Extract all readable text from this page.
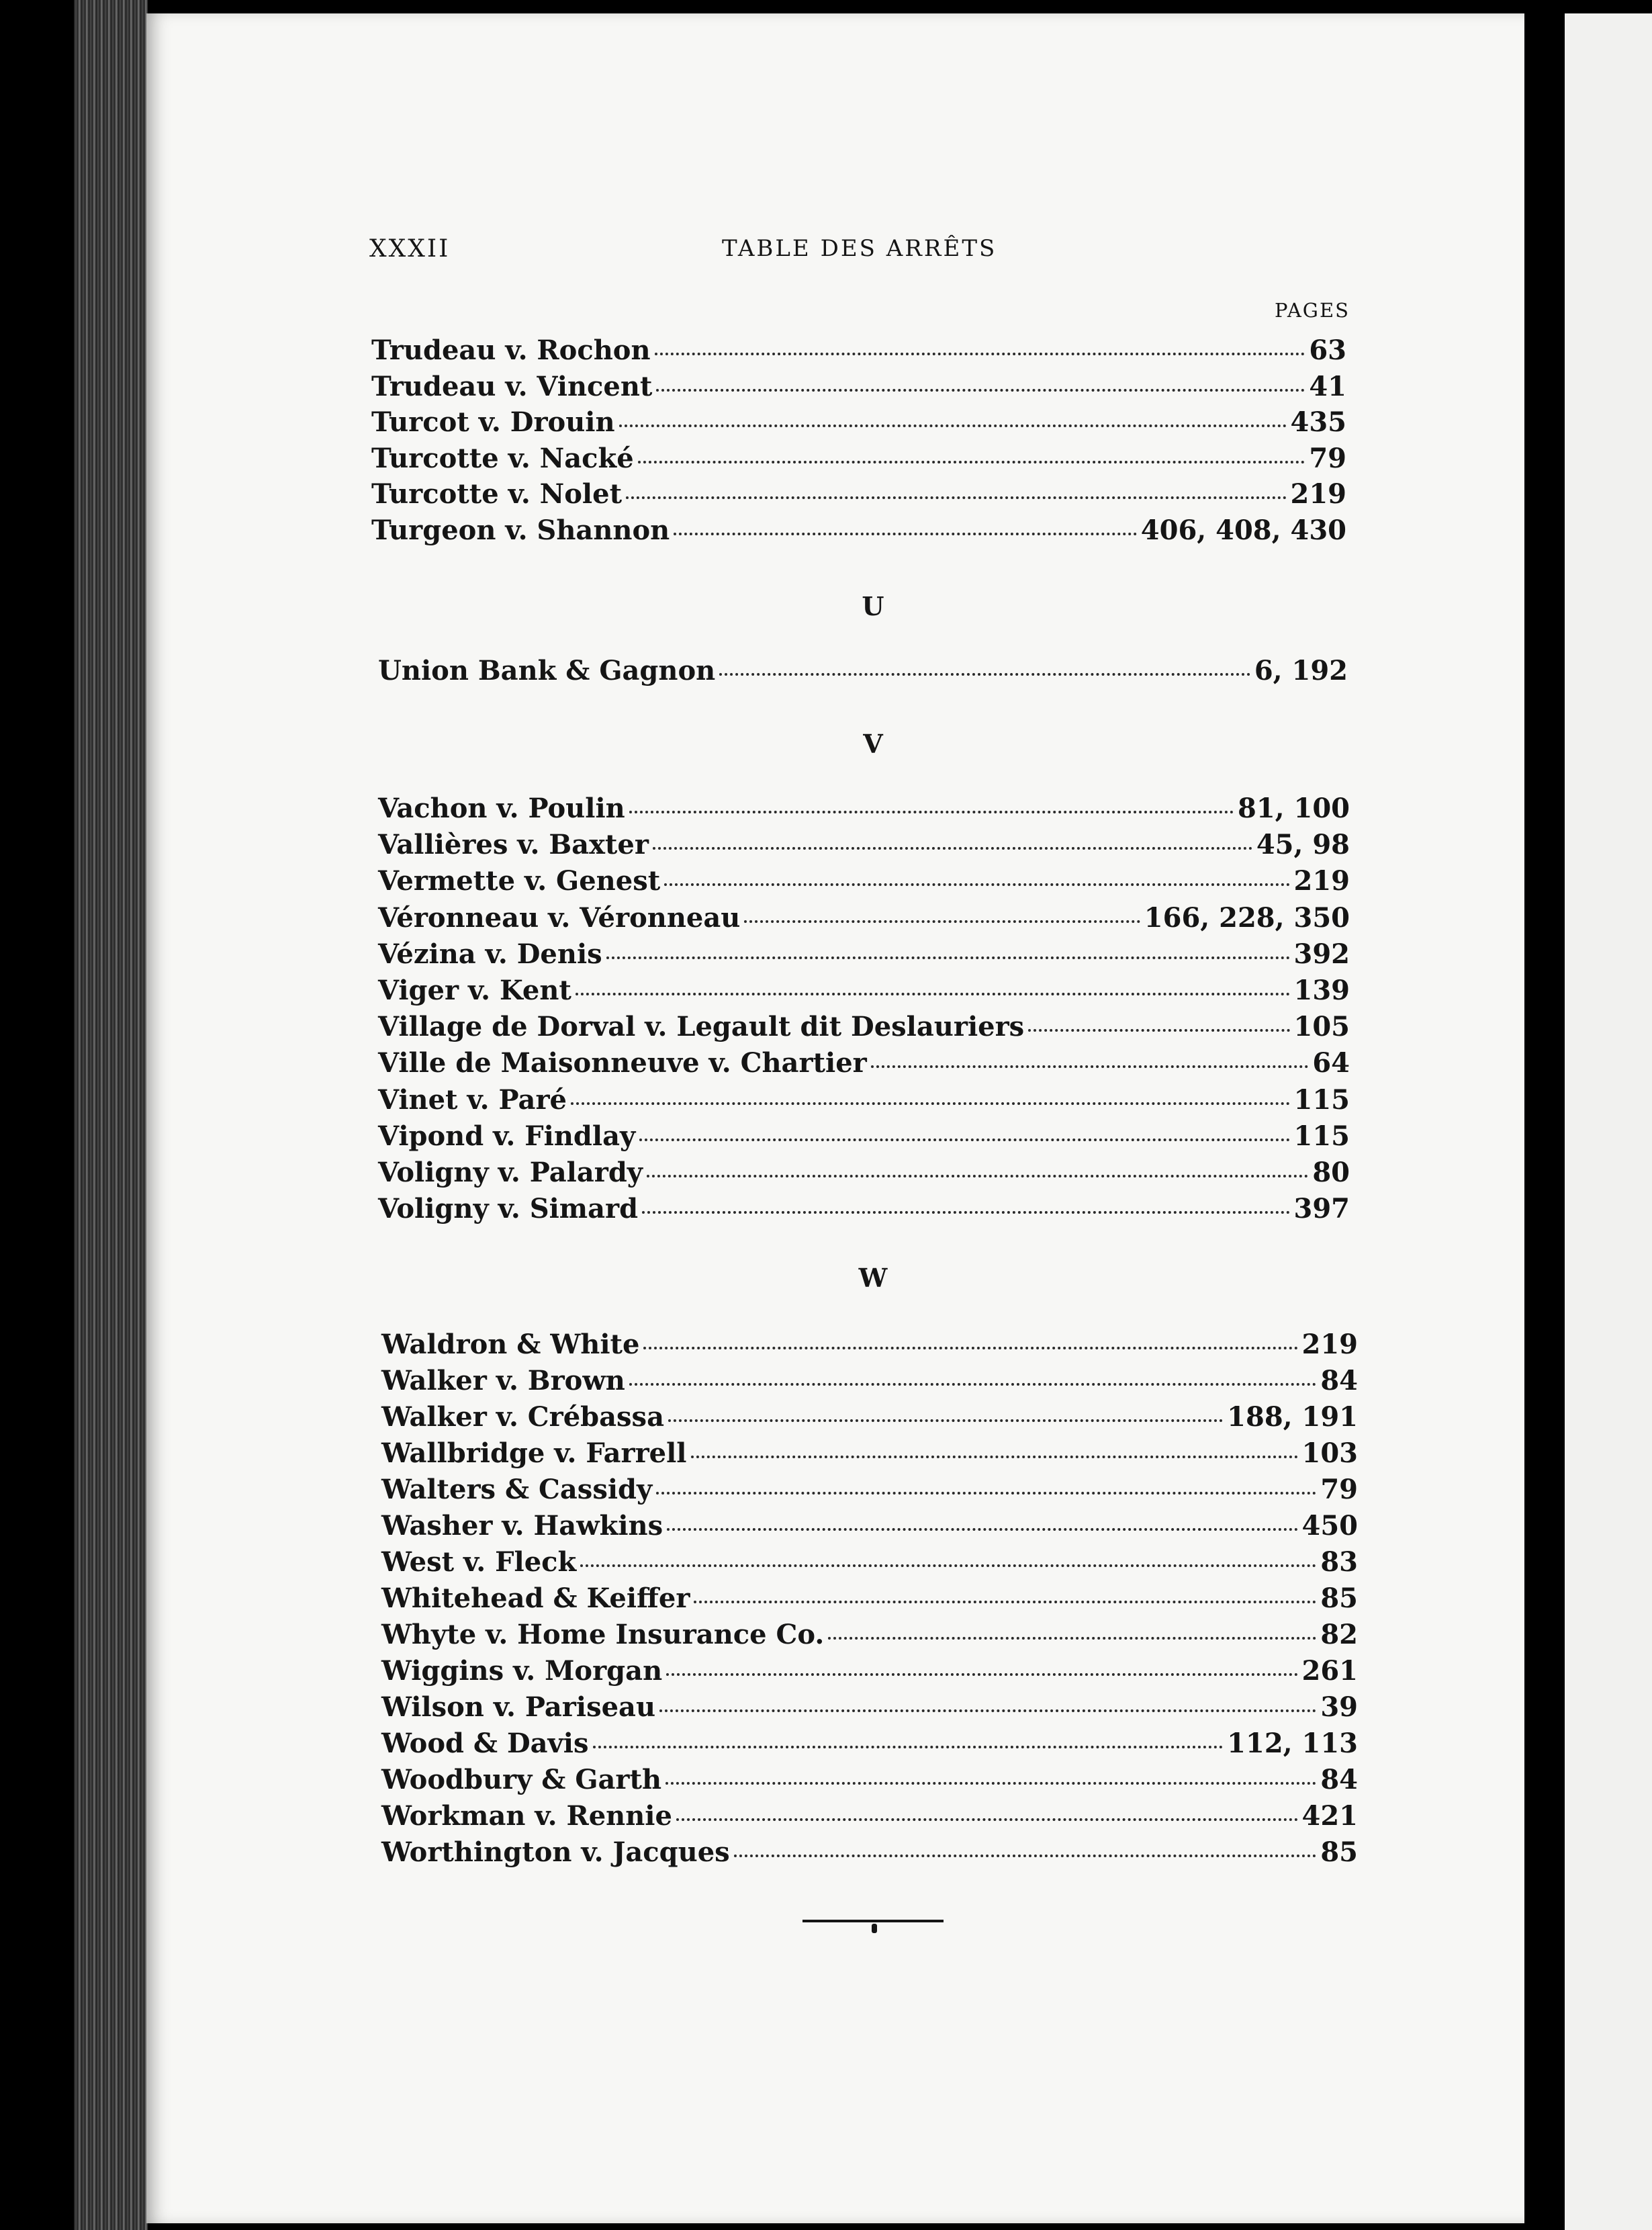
XXXII	TABLE DES ARRÊTS
PAGES
U
V
W
Trudeau v. Rochon	63
Trudeau v. Vincent	41
Turcot v. Drouin	435
Turcotte v. Nacké	79
Turcotte v. Nolet	219
Turgeon v. Shannon	406, 408, 430
Union Bank & Gagnon	6, 192
Vachon v. Poulin	81, 100
Vallières v. Baxter	45, 98
Vermette v. Genest	219
Véronneau v. Véronneau	166, 228, 350
Vézina v. Denis	392
Viger v. Kent	139
Village de Dorval v. Legault dit Deslauriers	105
Ville de Maisonneuve v. Chartier	64
Vinet v. Paré	115
Vipond v. Findlay	115
Voligny v. Palardy	80
Voligny v. Simard	397
Waldron & White	219
Walker v. Brown	84
Walker v. Crébassa	188, 191
Wallbridge v. Farrell	103
Walters & Cassidy	79
Washer v. Hawkins	450
West v. Fleck	83
Whitehead & Keiffer	85
Whyte v. Home Insurance Co.	82
Wiggins v. Morgan	261
Wilson v. Pariseau	39
Wood & Davis	112, 113
Woodbury & Garth	84
Workman v. Rennie	421
Worthington v. Jacques	85
